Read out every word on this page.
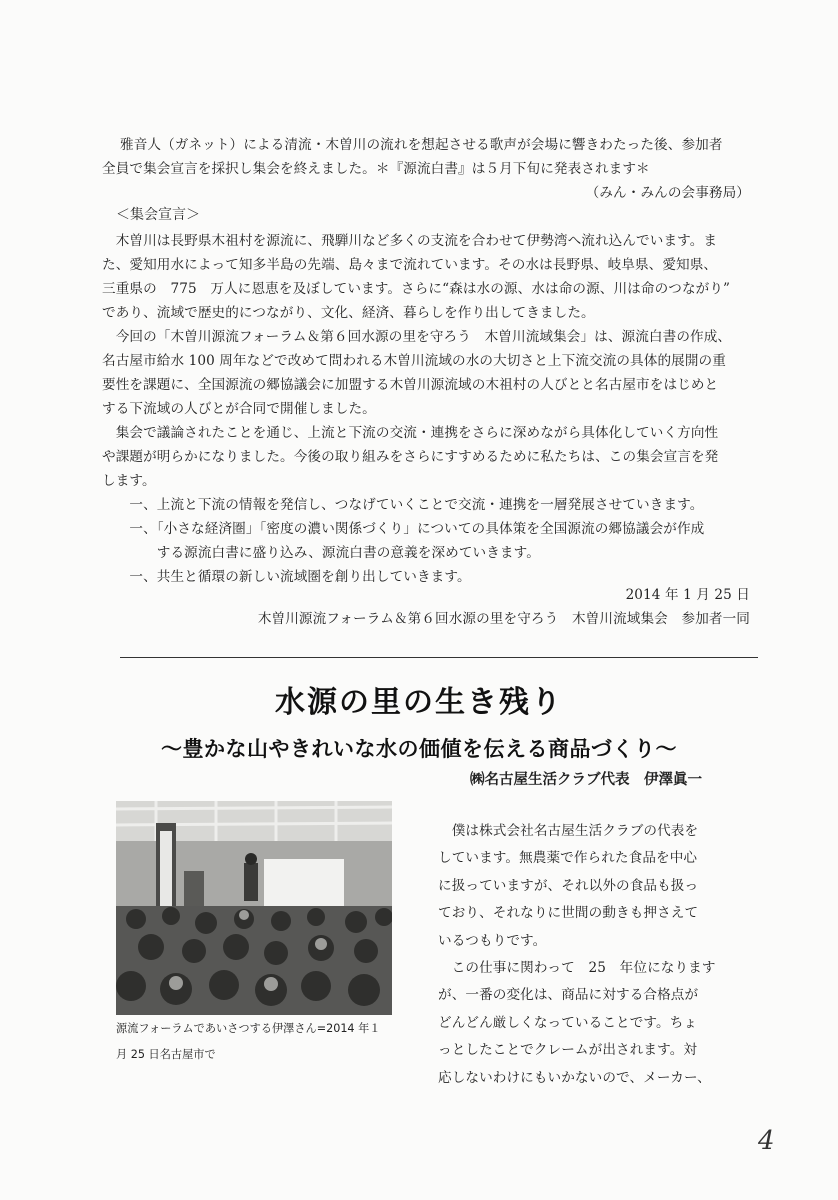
雅音人（ガネット）による清流・木曽川の流れを想起させる歌声が会場に響きわたった後、参加者

全員で集会宣言を採択し集会を終えました。＊『源流白書』は５月下旬に発表されます＊

（みん・みんの会事務局）

＜集会宣言＞

　木曽川は長野県木祖村を源流に、飛騨川など多くの支流を合わせて伊勢湾へ流れ込んでいます。ま

た、愛知用水によって知多半島の先端、島々まで流れています。その水は長野県、岐阜県、愛知県、

三重県の　775　万人に恩恵を及ぼしています。さらに“森は水の源、水は命の源、川は命のつながり”

であり、流域で歴史的につながり、文化、経済、暮らしを作り出してきました。

　今回の「木曽川源流フォーラム＆第６回水源の里を守ろう　木曽川流域集会」は、源流白書の作成、

名古屋市給水 100 周年などで改めて問われる木曽川流域の水の大切さと上下流交流の具体的展開の重

要性を課題に、全国源流の郷協議会に加盟する木曽川源流域の木祖村の人びとと名古屋市をはじめと

する下流域の人びとが合同で開催しました。

　集会で議論されたことを通じ、上流と下流の交流・連携をさらに深めながら具体化していく方向性

や課題が明らかになりました。今後の取り組みをさらにすすめるために私たちは、この集会宣言を発

します。

　　一、上流と下流の情報を発信し、つなげていくことで交流・連携を一層発展させていきます。

　　一、「小さな経済圏」「密度の濃い関係づくり」についての具体策を全国源流の郷協議会が作成

　　　　する源流白書に盛り込み、源流白書の意義を深めていきます。

　　一、共生と循環の新しい流域圏を創り出していきます。

2014 年 1 月 25 日

木曽川源流フォーラム＆第６回水源の里を守ろう　木曽川流域集会　参加者一同

水源の里の生き残り
～豊かな山やきれいな水の価値を伝える商品づくり～

㈱名古屋生活クラブ代表　伊澤眞一

源流フォーラムであいさつする伊澤さん=2014 年１
月 25 日名古屋市で

　僕は株式会社名古屋生活クラブの代表を

しています。無農薬で作られた食品を中心

に扱っていますが、それ以外の食品も扱っ

ており、それなりに世間の動きも押さえて

いるつもりです。

　この仕事に関わって　25　年位になります

が、一番の変化は、商品に対する合格点が

どんどん厳しくなっていることです。ちょ

っとしたことでクレームが出されます。対

応しないわけにもいかないので、メーカー、

4
